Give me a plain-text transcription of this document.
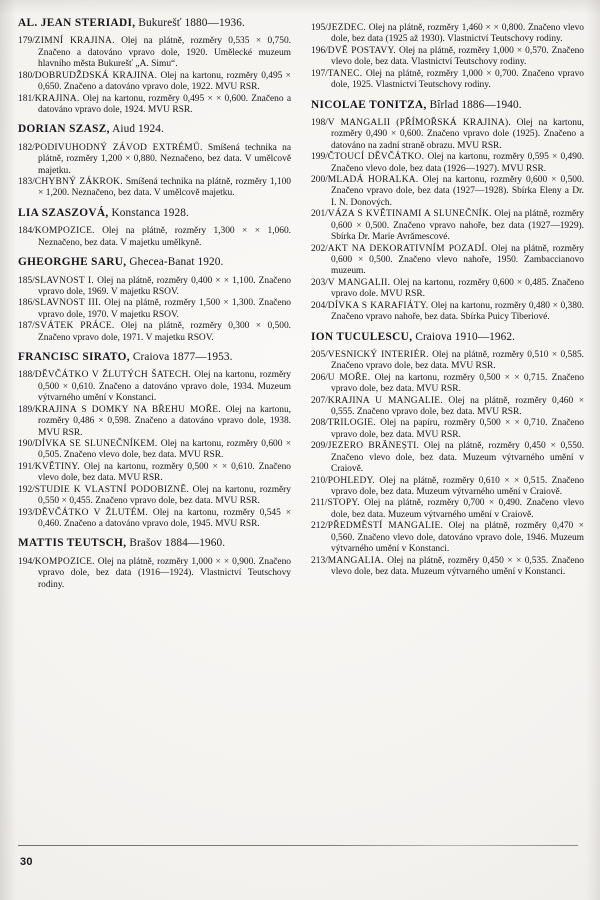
AL. JEAN STERIADI, Bukurešť 1880—1936.

179/ZIMNÍ KRAJINA. Olej na plátně, rozměry 0,535 × 0,750. Značeno a datováno vpravo dole, 1920. Umělecké muzeum hlavního města Bukurešť „A. Simu“.
180/DOBRUDŽDSKÁ KRAJINA. Olej na kartonu, rozměry 0,495 × 0,650. Značeno a datováno vpravo dole, 1922. MVU RSR.
181/KRAJINA. Olej na kartonu, rozměry 0,495 × × 0,600. Značeno a datováno vpravo dole, 1924. MVU RSR.

DORIAN SZASZ, Aiud 1924.

182/PODIVUHODNÝ ZÁVOD EXTRÉMŮ. Smíšená technika na plátně, rozměry 1,200 × 0,880. Neznačeno, bez data. V umělcově majetku.
183/CHYBNÝ ZÁKROK. Smíšená technika na plátně, rozměry 1,100 × 1,200. Neznačeno, bez data. V umělcově majetku.

LIA SZASZOVÁ, Konstanca 1928.

184/KOMPOZICE. Olej na plátně, rozměry 1,300 × × 1,060. Neznačeno, bez data. V majetku umělkyně.

GHEORGHE SARU, Ghecea-Banat 1920.

185/SLAVNOST I. Olej na plátně, rozměry 0,400 × × 1,100. Značeno vpravo dole, 1969. V majetku RSOV.
186/SLAVNOST III. Olej na plátně, rozměry 1,500 × 1,300. Značeno vpravo dole, 1970. V majetku RSOV.
187/SVÁTEK PRÁCE. Olej na plátně, rozměry 0,300 × 0,500. Značeno vpravo dole, 1971. V majetku RSOV.

FRANCISC SIRATO, Craiova 1877—1953.

188/DĚVČÁTKO V ŽLUTÝCH ŠATECH. Olej na kartonu, rozměry 0,500 × 0,610. Značeno a datováno vpravo dole, 1934. Muzeum výtvarného umění v Konstanci.
189/KRAJINA S DOMKY NA BŘEHU MOŘE. Olej na kartonu, rozměry 0,486 × 0,598. Značeno a datováno vpravo dole, 1938. MVU RSR.
190/DÍVKA SE SLUNEČNÍKEM. Olej na kartonu, rozměry 0,600 × 0,505. Značeno vlevo dole, bez data. MVU RSR.
191/KVĚTINY. Olej na kartonu, rozměry 0,500 × × 0,610. Značeno vlevo dole, bez data. MVU RSR.
192/STUDIE K VLASTNÍ PODOBIZNĚ. Olej na kartonu, rozměry 0,550 × 0,455. Značeno vpravo dole, bez data. MVU RSR.
193/DĚVČÁTKO V ŽLUTÉM. Olej na kartonu, rozměry 0,545 × 0,460. Značeno a datováno vpravo dole, 1945. MVU RSR.

MATTIS TEUTSCH, Brašov 1884—1960.

194/KOMPOZICE. Olej na plátně, rozměry 1,000 × × 0,900. Značeno vpravo dole, bez data (1916—1924). Vlastnictví Teutschovy rodiny.
195/JEZDEC. Olej na plátně, rozměry 1,460 × × 0,800. Značeno vlevo dole, bez data (1925 až 1930). Vlastnictví Teutschovy rodiny.
196/DVĚ POSTAVY. Olej na plátně, rozměry 1,000 × 0,570. Značeno vlevo dole, bez data. Vlastnictví Teutschovy rodiny.
197/TANEC. Olej na plátně, rozměry 1,000 × 0,700. Značeno vpravo dole, 1925. Vlastnictví Teutschovy rodiny.

NICOLAE TONITZA, Bîrlad 1886—1940.

198/V MANGALII (PŘÍMOŘSKÁ KRAJINA). Olej na kartonu, rozměry 0,490 × 0,600. Značeno vpravo dole (1925). Značeno a datováno na zadní straně obrazu. MVU RSR.
199/ČTOUCÍ DĚVČÁTKO. Olej na kartonu, rozměry 0,595 × 0,490. Značeno vlevo dole, bez data (1926—1927). MVU RSR.
200/MLADÁ HORALKA. Olej na kartonu, rozměry 0,600 × 0,500. Značeno vpravo dole, bez data (1927—1928). Sbírka Eleny a Dr. I. N. Donových.
201/VÁZA S KVĚTINAMI A SLUNEČNÍK. Olej na plátně, rozměry 0,600 × 0,500. Značeno vpravo nahoře, bez data (1927—1929). Sbírka Dr. Marie Avrămescové.
202/AKT NA DEKORATIVNÍM POZADÍ. Olej na plátně, rozměry 0,600 × 0,500. Značeno vlevo nahoře, 1950. Zambaccianovo muzeum.
203/V MANGALII. Olej na kartonu, rozměry 0,600 × 0,485. Značeno vpravo dole. MVU RSR.
204/DÍVKA S KARAFIÁTY. Olej na kartonu, rozměry 0,480 × 0,380. Značeno vpravo nahoře, bez data. Sbírka Puicy Tiberiové.

ION TUCULESCU, Craiova 1910—1962.

205/VESNICKÝ INTERIÉR. Olej na plátně, rozměry 0,510 × 0,585. Značeno vpravo dole, bez data. MVU RSR.
206/U MOŘE. Olej na kartonu, rozměry 0,500 × × 0,715. Značeno vpravo dole, bez data. MVU RSR.
207/KRAJINA U MANGALIE. Olej na plátně, rozměry 0,460 × 0,555. Značeno vpravo dole, bez data. MVU RSR.
208/TRILOGIE. Olej na papíru, rozměry 0,500 × × 0,710. Značeno vpravo dole, bez data. MVU RSR.
209/JEZERO BRĂNEȘTI. Olej na plátně, rozměry 0,450 × 0,550. Značeno vlevo dole, bez data. Muzeum výtvarného umění v Craiově.
210/POHLEDY. Olej na plátně, rozměry 0,610 × × 0,515. Značeno vpravo dole, bez data. Muzeum výtvarného umění v Craiově.
211/STOPY. Olej na plátně, rozměry 0,700 × 0,490. Značeno vlevo dole, bez data. Muzeum výtvarného umění v Craiově.
212/PŘEDMĚSTÍ MANGALIE. Olej na plátně, rozměry 0,470 × 0,560. Značeno vlevo dole, datováno vpravo dole, 1946. Muzeum výtvarného umění v Konstanci.
213/MANGALIA. Olej na plátně, rozměry 0,450 × × 0,535. Značeno vlevo dole, bez data. Muzeum výtvarného umění v Konstanci.
30
